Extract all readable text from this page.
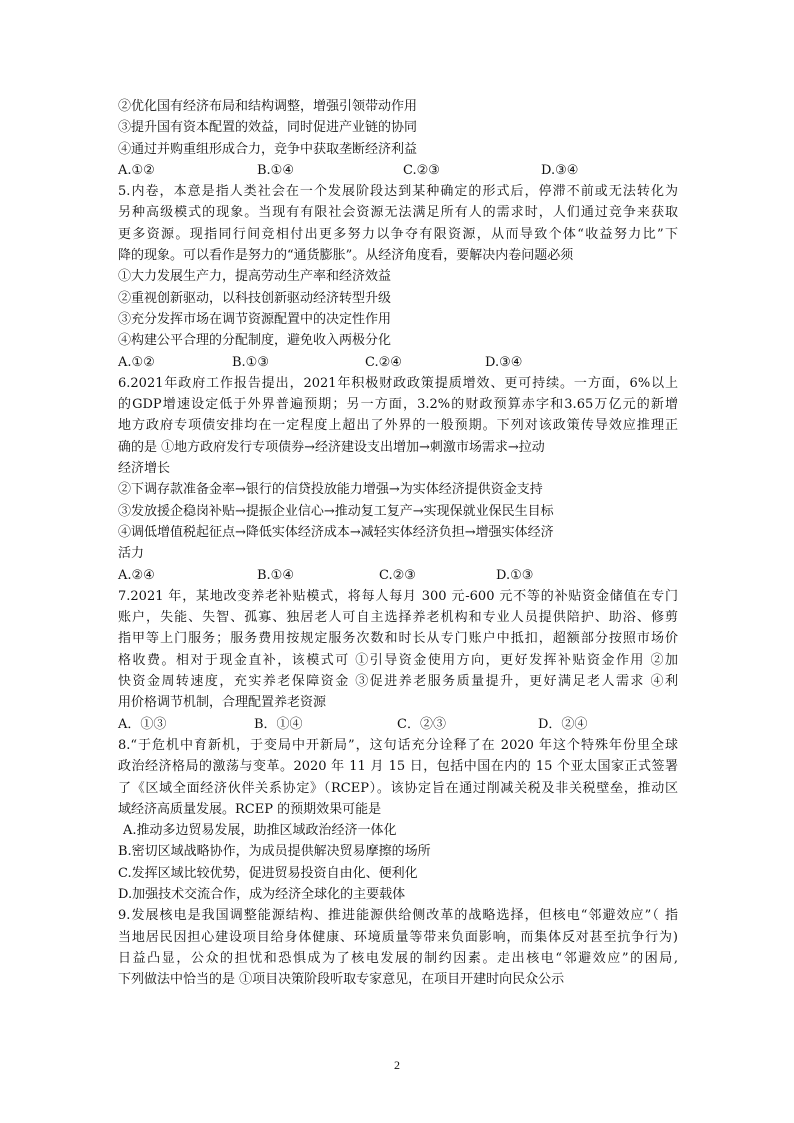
②优化国有经济布局和结构调整，增强引领带动作用
③提升国有资本配置的效益，同时促进产业链的协同
④通过并购重组形成合力，竞争中获取垄断经济利益
A.①②	B.①④	C.②③	D.③④
5.内卷，本意是指人类社会在一个发展阶段达到某种确定的形式后，停滞不前或无法转化为
另种高级模式的现象。当现有有限社会资源无法满足所有人的需求时，人们通过竞争来获取
更多资源。现指同行间竞相付出更多努力以争夺有限资源，从而导致个体“收益努力比”下
降的现象。可以看作是努力的“通货膨胀”。从经济角度看，要解决内卷问题必须
①大力发展生产力，提高劳动生产率和经济效益
②重视创新驱动，以科技创新驱动经济转型升级
③充分发挥市场在调节资源配置中的决定性作用
④构建公平合理的分配制度，避免收入两极分化
A.①②	B.①③	C.②④	D.③④
6.2021年政府工作报告提出，2021年积极财政政策提质增效、更可持续。一方面，6%以上
的GDP增速设定低于外界普遍预期；另一方面，3.2%的财政预算赤字和3.65万亿元的新增
地方政府专项债安排均在一定程度上超出了外界的一般预期。下列对该政策传导效应推理正
确的是 ①地方政府发行专项债券→经济建设支出增加→刺激市场需求→拉动
经济增长
②下调存款准备金率→银行的信贷投放能力增强→为实体经济提供资金支持
③发放援企稳岗补贴→提振企业信心→推动复工复产→实现保就业保民生目标
④调低增值税起征点→降低实体经济成本→减轻实体经济负担→增强实体经济
活力
A.②④	B.①④	C.②③	D.①③
7.2021 年，某地改变养老补贴模式，将每人每月 300 元-600 元不等的补贴资金储值在专门
账户，失能、失智、孤寡、独居老人可自主选择养老机构和专业人员提供陪护、助浴、修剪
指甲等上门服务；服务费用按规定服务次数和时长从专门账户中抵扣，超额部分按照市场价
格收费。相对于现金直补，该模式可 ①引导资金使用方向，更好发挥补贴资金作用 ②加
快资金周转速度，充实养老保障资金 ③促进养老服务质量提升，更好满足老人需求 ④利
用价格调节机制，合理配置养老资源
A．①③	B．①④	C．②③	D．②④
8.“于危机中育新机，于变局中开新局”，这句话充分诠释了在 2020 年这个特殊年份里全球
政治经济格局的激荡与变革。2020 年 11 月 15 日，包括中国在内的 15 个亚太国家正式签署
了《区域全面经济伙伴关系协定》（RCEP）。该协定旨在通过削减关税及非关税壁垒，推动区
域经济高质量发展。RCEP 的预期效果可能是
A.推动多边贸易发展，助推区域政治经济一体化
B.密切区域战略协作，为成员提供解决贸易摩擦的场所
C.发挥区域比较优势，促进贸易投资自由化、便利化
D.加强技术交流合作，成为经济全球化的主要载体
9.发展核电是我国调整能源结构、推进能源供给侧改革的战略选择，但核电“邻避效应”（ 指
当地居民因担心建设项目给身体健康、环境质量等带来负面影响，而集体反对甚至抗争行为)
日益凸显，公众的担忧和恐惧成为了核电发展的制约因素。走出核电“邻避效应”的困局,
下列做法中恰当的是 ①项目决策阶段听取专家意见，在项目开建时向民众公示
2
